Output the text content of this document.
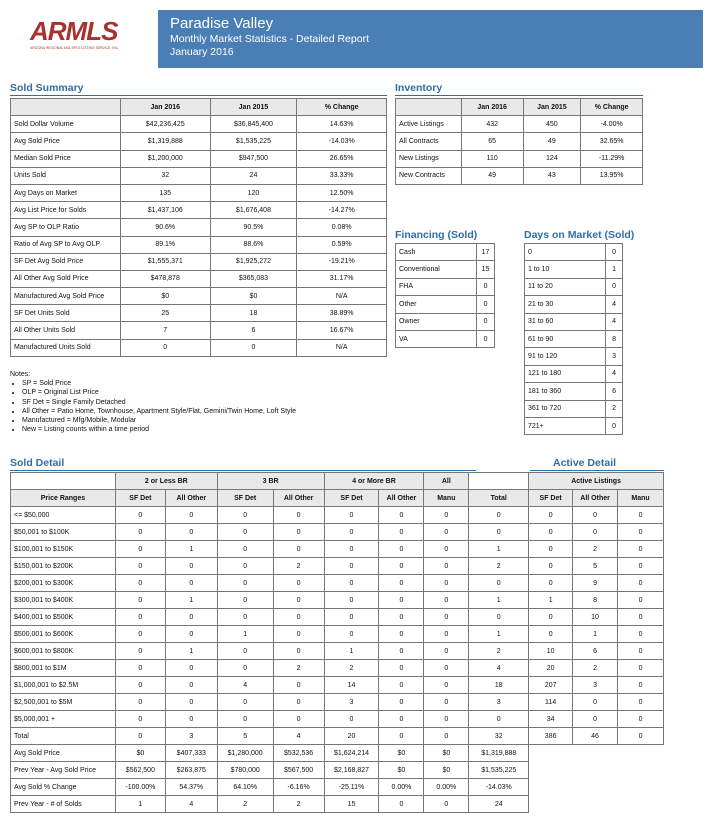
ARMLS
ARIZONA REGIONAL MULTIPLE LISTING SERVICE, INC.
Paradise Valley
Monthly Market Statistics - Detailed Report
January 2016
Sold Summary
	Jan 2016	Jan 2015	% Change
Sold Dollar Volume	$42,236,425	$36,845,400	14.63%
Avg Sold Price	$1,319,888	$1,535,225	-14.03%
Median Sold Price	$1,200,000	$947,500	26.65%
Units Sold	32	24	33.33%
Avg Days on Market	135	120	12.50%
Avg List Price for Solds	$1,437,106	$1,676,408	-14.27%
Avg SP to OLP Ratio	90.6%	90.5%	0.08%
Ratio of Avg SP to Avg OLP	89.1%	88.6%	0.59%
SF Det Avg Sold Price	$1,555,371	$1,925,272	-19.21%
All Other Avg Sold Price	$478,878	$365,083	31.17%
Manufactured Avg Sold Price	$0	$0	N/A
SF Det Units Sold	25	18	38.89%
All Other Units Sold	7	6	16.67%
Manufactured Units Sold	0	0	N/A
Inventory
	Jan 2016	Jan 2015	% Change
Active Listings	432	450	-4.00%
All Contracts	65	49	32.65%
New Listings	110	124	-11.29%
New Contracts	49	43	13.95%
Financing (Sold)
Cash	17
Conventional	15
FHA	0
Other	0
Owner	0
VA	0
Days on Market (Sold)
0	0
1 to 10	1
11 to 20	0
21 to 30	4
31 to 60	4
61 to 90	8
91 to 120	3
121 to 180	4
181 to 360	6
361 to 720	2
721+	0
Notes:
• SP = Sold Price
• OLP = Original List Price
• SF Det = Single Family Detached
• All Other = Patio Home, Townhouse, Apartment Style/Flat, Gemini/Twin Home, Loft Style
• Manufactured = Mfg/Mobile, Modular
• New = Listing counts within a time period
Sold Detail	Active Detail
	2 or Less BR		3 BR		4 or More BR		All		Active Listings		
Price Ranges	SF Det	All Other	SF Det	All Other	SF Det	All Other	Manu	Total	SF Det	All Other	Manu
<= $50,000	0	0	0	0	0	0	0	0	0	0	0
$50,001 to $100K	0	0	0	0	0	0	0	0	0	0	0
$100,001 to $150K	0	1	0	0	0	0	0	1	0	2	0
$150,001 to $200K	0	0	0	2	0	0	0	2	0	5	0
$200,001 to $300K	0	0	0	0	0	0	0	0	0	9	0
$300,001 to $400K	0	1	0	0	0	0	0	1	1	8	0
$400,001 to $500K	0	0	0	0	0	0	0	0	0	10	0
$500,001 to $600K	0	0	1	0	0	0	0	1	0	1	0
$600,001 to $800K	0	1	0	0	1	0	0	2	10	6	0
$800,001 to $1M	0	0	0	2	2	0	0	4	20	2	0
$1,000,001 to $2.5M	0	0	4	0	14	0	0	18	207	3	0
$2,500,001 to $5M	0	0	0	0	3	0	0	3	114	0	0
$5,000,001 +	0	0	0	0	0	0	0	0	34	0	0
Total	0	3	5	4	20	0	0	32	386	46	0
Avg Sold Price	$0	$407,333	$1,280,000	$532,536	$1,624,214	$0	$0	$1,319,888			
Prev Year - Avg Sold Price	$562,500	$263,875	$780,000	$567,500	$2,168,827	$0	$0	$1,535,225			
Avg Sold % Change	-100.00%	54.37%	64.10%	-6.16%	-25.11%	0.00%	0.00%	-14.03%			
Prev Year - # of Solds	1	4	2	2	15	0	0	24			
